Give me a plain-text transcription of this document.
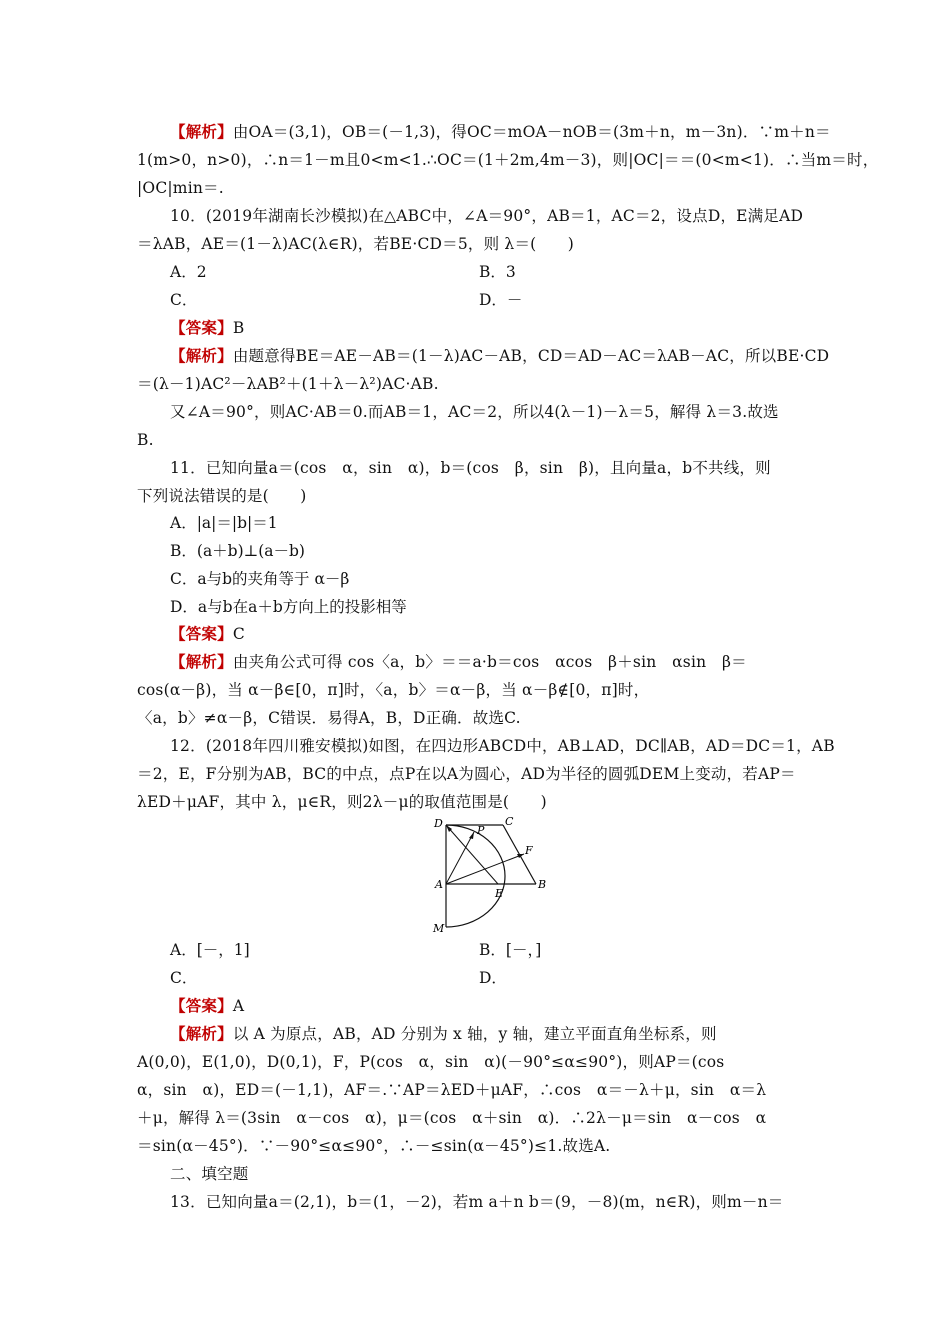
【解析】由OA＝(3,1)，OB＝(－1,3)，得OC＝mOA－nOB＝(3m＋n，m－3n)．∵m＋n＝
1(m>0，n>0)，∴n＝1－m且0<m<1.∴OC＝(1＋2m,4m－3)，则|OC|＝＝(0<m<1)．∴当m＝时，
|OC|min＝.
10．(2019年湖南长沙模拟)在△ABC中，∠A＝90°，AB＝1，AC＝2，设点D，E满足AD
＝λAB，AE＝(1－λ)AC(λ∈R)，若BE·CD＝5，则 λ＝(　　)
A．2	B．3
C．	D．－
【答案】B
【解析】由题意得BE＝AE－AB＝(1－λ)AC－AB，CD＝AD－AC＝λAB－AC，所以BE·CD
＝(λ－1)AC²－λAB²＋(1＋λ－λ²)AC·AB.
又∠A＝90°，则AC·AB＝0.而AB＝1，AC＝2，所以4(λ－1)－λ＝5，解得 λ＝3.故选
B.
11．已知向量a＝(cos　α，sin　α)，b＝(cos　β，sin　β)，且向量a，b不共线，则
下列说法错误的是(　　)
A．|a|＝|b|＝1
B．(a＋b)⊥(a－b)
C．a与b的夹角等于 α－β
D．a与b在a＋b方向上的投影相等
【答案】C
【解析】由夹角公式可得 cos〈a，b〉＝＝a·b＝cos　αcos　β＋sin　αsin　β＝
cos(α－β)，当 α－β∈[0，π]时，〈a，b〉＝α－β，当 α－β∉[0，π]时，
〈a，b〉≠α－β，C错误．易得A，B，D正确．故选C.
12．(2018年四川雅安模拟)如图，在四边形ABCD中，AB⊥AD，DC∥AB，AD＝DC＝1，AB
＝2，E，F分别为AB，BC的中点，点P在以A为圆心，AD为半径的圆弧DEM上变动，若AP＝
λED＋μAF，其中 λ，μ∈R，则2λ－μ的取值范围是(　　)
D	C
P
F
A
E
B
M
A．[－，1]	B．[－，]
C．	D．
【答案】A
【解析】以 A 为原点，AB，AD 分别为 x 轴，y 轴，建立平面直角坐标系，则
A(0,0)，E(1,0)，D(0,1)，F，P(cos　α，sin　α)(－90°≤α≤90°)，则AP＝(cos
α，sin　α)，ED＝(－1,1)，AF＝.∵AP＝λED＋μAF，∴cos　α＝－λ＋μ，sin　α＝λ
＋μ，解得 λ＝(3sin　α－cos　α)，μ＝(cos　α＋sin　α)．∴2λ－μ＝sin　α－cos　α
＝sin(α－45°)．∵－90°≤α≤90°，∴－≤sin(α－45°)≤1.故选A.
二、填空题
13．已知向量a＝(2,1)，b＝(1，－2)，若m a＋n b＝(9，－8)(m，n∈R)，则m－n＝
